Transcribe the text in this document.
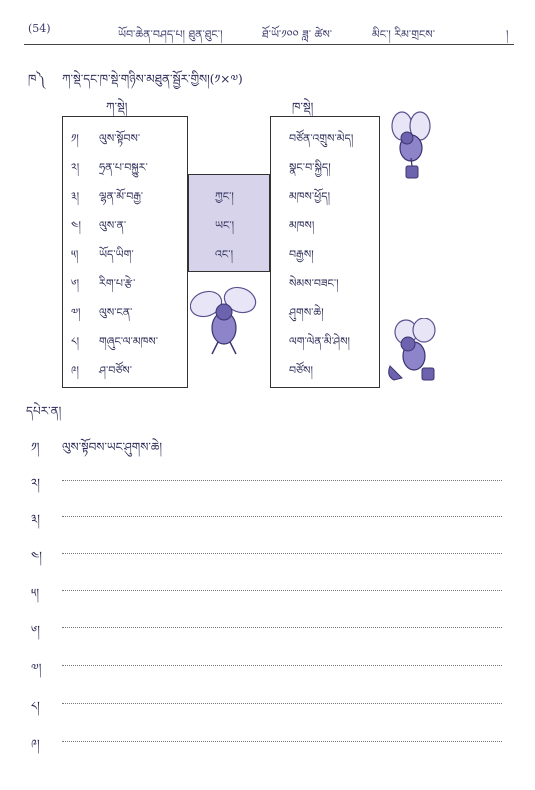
(54)	ཡོབ་ཆེན་བཤད་པ། ཐུན་ཐུང་།	ཐོ་ཡོ་༡༠༠ ཟླ་ ཚེས་	མིང་། རིམ་གྲངས་	།
ཁ༽ ཀ་སྡེ་དང་ཁ་སྡེ་གཉིས་མཐུན་སྦྱོར་གྱིས།(༡×༧)
ཀ་སྡེ།	ཁ་སྡེ།
༡། ལུས་སྟོབས་
༢། ཧྲན་པ་བསྐྱུར་
༣། ལྷན་མོ་བརྒྱ་
༤། ལུས་ན་
༥། ཡོད་ཡིག་
༦། རིག་པ་རྩེ་
༧། ལུས་ངན་
༨། གཞུང་ལ་མཁས་
༩། ཤ་བཙོས་
ཀྱང་།
ཡང་།
འང་།
བཙོན་འགྲུས་མེད།
སྣང་བ་སྐྱིད།
མཁས་ཕྱོད།
མཁས།
བརྒྱས།
སེམས་བཟང་།
ཤུགས་ཆེ།
ལག་ལེན་མི་ཤེས།
བཙོས།
དཔེར་ན།
༡། ལུས་སྟོབས་ཡང་ཤུགས་ཆེ།
༢།
༣།
༤།
༥།
༦།
༧།
༨།
༩།
